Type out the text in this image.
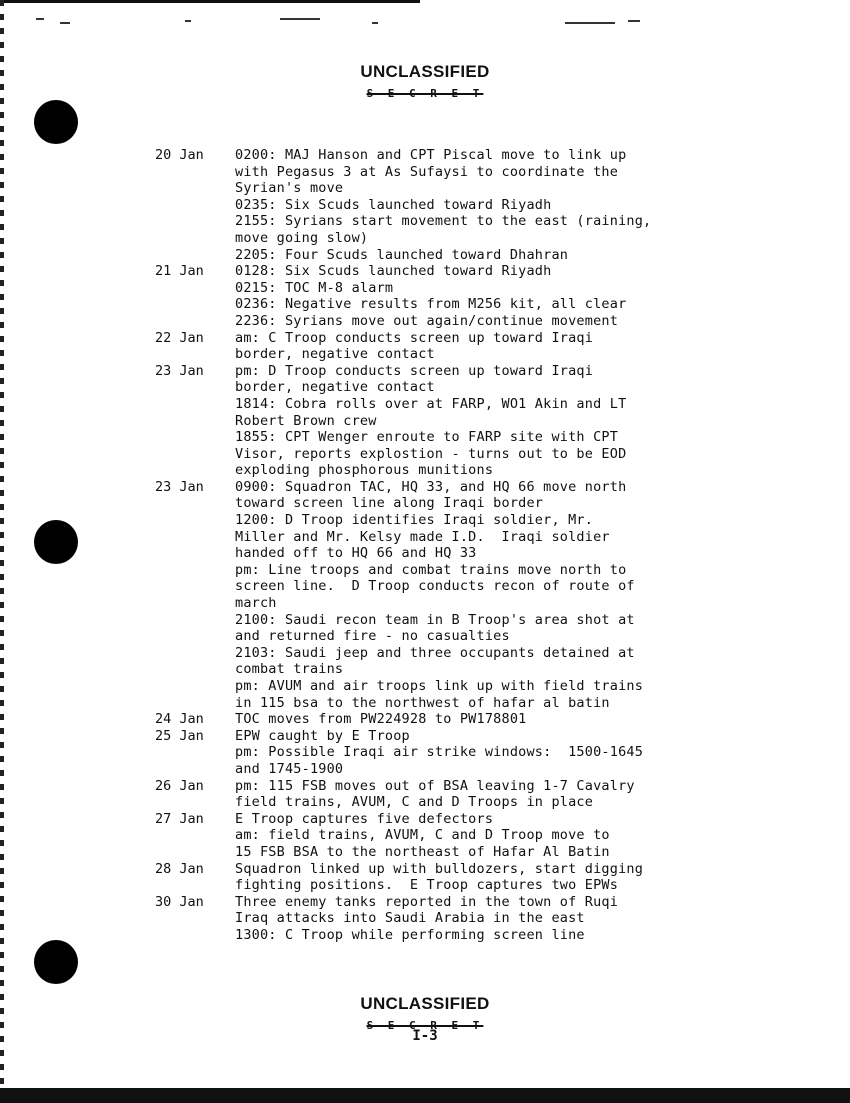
UNCLASSIFIED
S E C R E T
20 Jan	0200: MAJ Hanson and CPT Piscal move to link up
with Pegasus 3 at As Sufaysi to coordinate the
Syrian's move
0235: Six Scuds launched toward Riyadh
2155: Syrians start movement to the east (raining,
move going slow)
2205: Four Scuds launched toward Dhahran
21 Jan	0128: Six Scuds launched toward Riyadh
0215: TOC M-8 alarm
0236: Negative results from M256 kit, all clear
2236: Syrians move out again/continue movement
22 Jan	am: C Troop conducts screen up toward Iraqi
border, negative contact
23 Jan	pm: D Troop conducts screen up toward Iraqi
border, negative contact
1814: Cobra rolls over at FARP, WO1 Akin and LT
Robert Brown crew
1855: CPT Wenger enroute to FARP site with CPT
Visor, reports explostion - turns out to be EOD
exploding phosphorous munitions
23 Jan	0900: Squadron TAC, HQ 33, and HQ 66 move north
toward screen line along Iraqi border
1200: D Troop identifies Iraqi soldier, Mr.
Miller and Mr. Kelsy made I.D.  Iraqi soldier
handed off to HQ 66 and HQ 33
pm: Line troops and combat trains move north to
screen line.  D Troop conducts recon of route of
march
2100: Saudi recon team in B Troop's area shot at
and returned fire - no casualties
2103: Saudi jeep and three occupants detained at
combat trains
pm: AVUM and air troops link up with field trains
in 115 bsa to the northwest of hafar al batin
24 Jan	TOC moves from PW224928 to PW178801
25 Jan	EPW caught by E Troop
pm: Possible Iraqi air strike windows:  1500-1645
and 1745-1900
26 Jan	pm: 115 FSB moves out of BSA leaving 1-7 Cavalry
field trains, AVUM, C and D Troops in place
27 Jan	E Troop captures five defectors
am: field trains, AVUM, C and D Troop move to
15 FSB BSA to the northeast of Hafar Al Batin
28 Jan	Squadron linked up with bulldozers, start digging
fighting positions.  E Troop captures two EPWs
30 Jan	Three enemy tanks reported in the town of Ruqi
Iraq attacks into Saudi Arabia in the east
1300: C Troop while performing screen line
UNCLASSIFIED
S E C R E T
I-3
